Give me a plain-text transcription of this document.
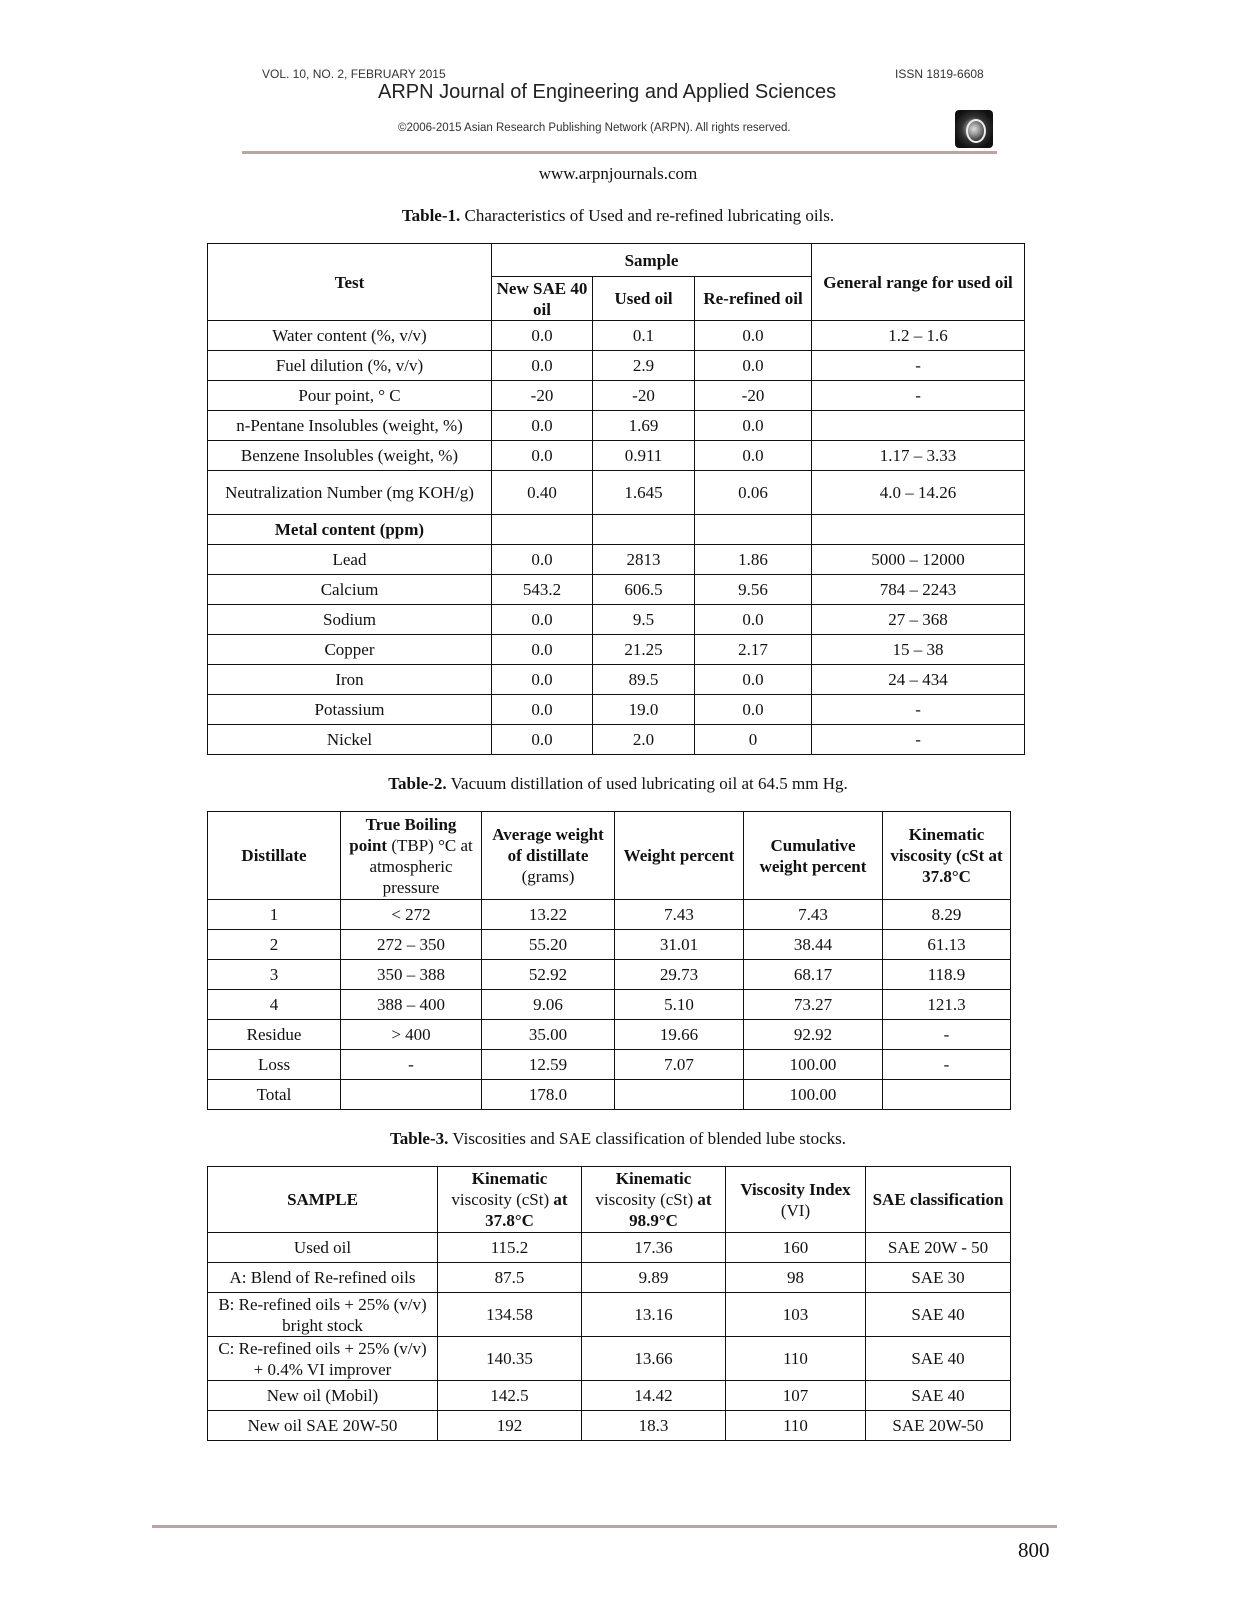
VOL. 10, NO. 2, FEBRUARY 2015	ISSN 1819-6608
ARPN Journal of Engineering and Applied Sciences
©2006-2015 Asian Research Publishing Network (ARPN). All rights reserved.
www.arpnjournals.com
Table-1. Characteristics of Used and re-refined lubricating oils.
Test	Sample			General range for used oil
	New SAE 40 oil	Used oil	Re-refined oil	
Water content (%, v/v)	0.0	0.1	0.0	1.2 – 1.6
Fuel dilution (%, v/v)	0.0	2.9	0.0	-
Pour point, ° C	-20	-20	-20	-
n-Pentane Insolubles (weight, %)	0.0	1.69	0.0	
Benzene Insolubles (weight, %)	0.0	0.911	0.0	1.17 – 3.33
Neutralization Number (mg KOH/g)	0.40	1.645	0.06	4.0 – 14.26
Metal content (ppm)				
Lead	0.0	2813	1.86	5000 – 12000
Calcium	543.2	606.5	9.56	784 – 2243
Sodium	0.0	9.5	0.0	27 – 368
Copper	0.0	21.25	2.17	15 – 38
Iron	0.0	89.5	0.0	24 – 434
Potassium	0.0	19.0	0.0	-
Nickel	0.0	2.0	0	-
Table-2. Vacuum distillation of used lubricating oil at 64.5 mm Hg.
Distillate	True Boiling point (TBP) °C at atmospheric pressure	Average weight of distillate (grams)	Weight percent	Cumulative weight percent	Kinematic viscosity (cSt at 37.8°C
1	< 272	13.22	7.43	7.43	8.29
2	272 – 350	55.20	31.01	38.44	61.13
3	350 – 388	52.92	29.73	68.17	118.9
4	388 – 400	9.06	5.10	73.27	121.3
Residue	> 400	35.00	19.66	92.92	-
Loss	-	12.59	7.07	100.00	-
Total		178.0		100.00	
Table-3. Viscosities and SAE classification of blended lube stocks.
SAMPLE	Kinematic viscosity (cSt) at 37.8°C	Kinematic viscosity (cSt) at 98.9°C	Viscosity Index (VI)	SAE classification
Used oil	115.2	17.36	160	SAE 20W - 50
A: Blend of Re-refined oils	87.5	9.89	98	SAE 30
B: Re-refined oils + 25% (v/v) bright stock	134.58	13.16	103	SAE 40
C: Re-refined oils + 25% (v/v) + 0.4% VI improver	140.35	13.66	110	SAE 40
New oil (Mobil)	142.5	14.42	107	SAE 40
New oil SAE 20W-50	192	18.3	110	SAE 20W-50
800
